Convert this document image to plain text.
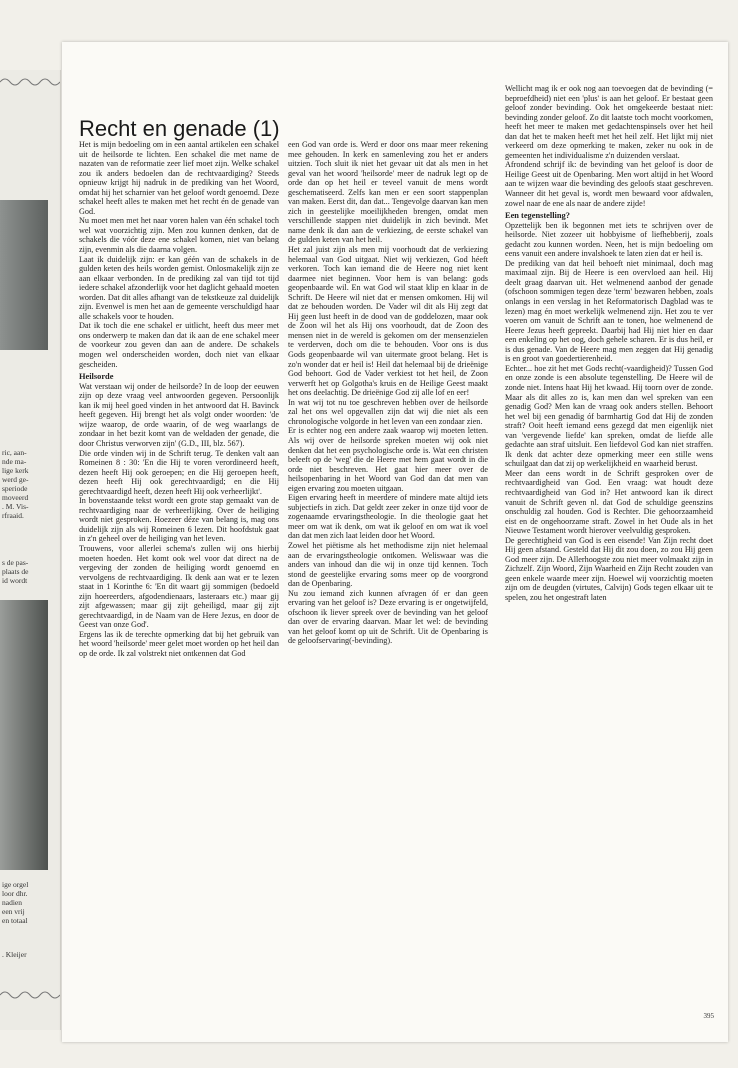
ric, aan-
nde ma-
lige kerk
werd ge-
speriode
moveerd
. M. Vis-
rfraaid.
s de pas-
plaats de
id wordt
ige orgel
loor dhr.
nadien
een vrij
en totaal
. Kleijer
Recht en genade (1)

Het is mijn bedoeling om in een aantal artikelen een schakel uit de heilsorde te lichten. Een schakel die met name de nazaten van de reformatie zeer lief moet zijn. Welke schakel zou ik anders bedoelen dan de rechtvaardiging? Steeds opnieuw krijgt hij nadruk in de prediking van het Woord, omdat hij het scharnier van het geloof wordt genoemd. Deze schakel heeft alles te maken met het recht én de genade van God.

Nu moet men met het naar voren halen van één schakel toch wel wat voorzichtig zijn. Men zou kunnen denken, dat de schakels die vóór deze ene schakel komen, niet van belang zijn, evenmin als die daarna volgen.

Laat ik duidelijk zijn: er kan géén van de schakels in de gulden keten des heils worden gemist. Onlosmakelijk zijn ze aan elkaar verbonden. In de prediking zal van tijd tot tijd iedere schakel afzonderlijk voor het daglicht gehaald moeten worden. Dat dit alles afhangt van de tekstkeuze zal duidelijk zijn. Evenwel is men het aan de gemeente verschuldigd haar alle schakels voor te houden.

Dat ik toch die ene schakel er uitlicht, heeft dus meer met ons onderwerp te maken dan dat ik aan de ene schakel meer de voorkeur zou geven dan aan de andere. De schakels mogen wel onderscheiden worden, doch niet van elkaar gescheiden.

Heilsorde

Wat verstaan wij onder de heilsorde? In de loop der eeuwen zijn op deze vraag veel antwoorden gegeven. Persoonlijk kan ik mij heel goed vinden in het antwoord dat H. Bavinck heeft gegeven. Hij brengt het als volgt onder woorden: 'de wijze waarop, de orde waarin, of de weg waarlangs de zondaar in het bezit komt van de weldaden der genade, die door Christus verworven zijn' (G.D., III, blz. 567).

Die orde vinden wij in de Schrift terug. Te denken valt aan Romeinen 8 : 30: 'En die Hij te voren verordineerd heeft, dezen heeft Hij ook geroepen; en die Hij geroepen heeft, dezen heeft Hij ook gerechtvaardigd; en die Hij gerechtvaardigd heeft, dezen heeft Hij ook verheerlijkt'.

In bovenstaande tekst wordt een grote stap gemaakt van de rechtvaardiging naar de verheerlijking. Over de heiliging wordt niet gesproken. Hoezeer déze van belang is, mag ons duidelijk zijn als wij Romeinen 6 lezen. Dit hoofdstuk gaat in z'n geheel over de heiliging van het leven.

Trouwens, voor allerlei schema's zullen wij ons hierbij moeten hoeden. Het komt ook wel voor dat direct na de vergeving der zonden de heiliging wordt genoemd en vervolgens de rechtvaardiging. Ik denk aan wat er te lezen staat in 1 Korinthe 6: 'En dit waart gij sommigen (bedoeld zijn hoereerders, afgodendienaars, lasteraars etc.) maar gij zijt afgewassen; maar gij zijt geheiligd, maar gij zijt gerechtvaardigd, in de Naam van de Here Jezus, en door de Geest van onze God'.

Ergens las ik de terechte opmerking dat bij het gebruik van het woord 'heilsorde' meer gelet moet worden op het heil dan op de orde. Ik zal volstrekt niet ontkennen dat God

een God van orde is. Werd er door ons maar meer rekening mee gehouden. In kerk en samenleving zou het er anders uitzien. Toch sluit ik niet het gevaar uit dat als men in het geval van het woord 'heilsorde' meer de nadruk legt op de orde dan op het heil er teveel vanuit de mens wordt geschematiseerd. Zelfs kan men er een soort stappenplan van maken. Eerst dit, dan dat... Tengevolge daarvan kan men zich in geestelijke moeilijkheden brengen, omdat men verschillende stappen niet duidelijk in zich bevindt. Met name denk ik dan aan de verkiezing, de eerste schakel van de gulden keten van het heil.

Het zal juist zijn als men mij voorhoudt dat de verkiezing helemaal van God uitgaat. Niet wij verkiezen, God héeft verkoren. Toch kan iemand die de Heere nog niet kent daarmee niet beginnen. Voor hem is van belang: gods geopenbaarde wil. En wat God wil staat klip en klaar in de Schrift. De Heere wil niet dat er mensen omkomen. Hij wil dat ze behouden worden. De Vader wil dit als Hij zegt dat Hij geen lust heeft in de dood van de goddelozen, maar ook de Zoon wil het als Hij ons voorhoudt, dat de Zoon des mensen niet in de wereld is gekomen om der mensenzielen te verderven, doch om die te behouden. Voor ons is dus Gods geopenbaarde wil van uitermate groot belang. Het is zo'n wonder dat er heil is! Heil dat helemaal bij de drieënige God behoort. God de Vader verkiest tot het heil, de Zoon verwerft het op Golgotha's kruis en de Heilige Geest maakt het ons deelachtig. De drieënige God zij alle lof en eer!

In wat wij tot nu toe geschreven hebben over de heilsorde zal het ons wel opgevallen zijn dat wij die niet als een chronologische volgorde in het leven van een zondaar zien.

Er is echter nog een andere zaak waarop wij moeten letten. Als wij over de heilsorde spreken moeten wij ook niet denken dat het een psychologische orde is. Wat een christen beleeft op de 'weg' die de Heere met hem gaat wordt in die orde niet beschreven. Het gaat hier meer over de heilsopenbaring in het Woord van God dan dat men van eigen ervaring zou moeten uitgaan.

Eigen ervaring heeft in meerdere of mindere mate altijd iets subjectiefs in zich. Dat geldt zeer zeker in onze tijd voor de zogenaamde ervaringstheologie. In die theologie gaat het meer om wat ik denk, om wat ik geloof en om wat ik voel dan dat men zich laat leiden door het Woord.

Zowel het piëtisme als het methodisme zijn niet helemaal aan de ervaringstheologie ontkomen. Weliswaar was die anders van inhoud dan die wij in onze tijd kennen. Toch stond de geestelijke ervaring soms meer op de voorgrond dan de Openbaring.

Nu zou iemand zich kunnen afvragen óf er dan geen ervaring van het geloof is? Deze ervaring is er ongetwijfeld, ofschoon ik liever spreek over de bevinding van het geloof dan over de ervaring daarvan. Maar let wel: de bevinding van het geloof komt op uit de Schrift. Uit de Openbaring is de geloofservaring(-bevinding).

Wellicht mag ik er ook nog aan toevoegen dat de bevinding (= beproefdheid) niet een 'plus' is aan het geloof. Er bestaat geen geloof zonder bevinding. Ook het omgekeerde bestaat niet: bevinding zonder geloof. Zo dit laatste toch mocht voorkomen, heeft het meer te maken met gedachtenspinsels over het heil dan dat het te maken heeft met het heil zelf. Het lijkt mij niet verkeerd om deze opmerking te maken, zeker nu ook in de gemeenten het individualisme z'n duizenden verslaat.

Afrondend schrijf ik: de bevinding van het geloof is door de Heilige Geest uit de Openbaring. Men wort altijd in het Woord aan te wijzen waar die bevinding des geloofs staat geschreven. Wanneer dit het geval is, wordt men bewaard voor afdwalen, zowel naar de ene als naar de andere zijde!

Een tegenstelling?

Opzettelijk ben ik begonnen met iets te schrijven over de heilsorde. Niet zozeer uit hobbyisme of liefhebberij, zoals gedacht zou kunnen worden. Neen, het is mijn bedoeling om eens vanuit een andere invalshoek te laten zien dat er heil is.

De prediking van dat heil behoeft niet minimaal, doch mag maximaal zijn. Bij de Heere is een overvloed aan heil. Hij deelt graag daarvan uit. Het welmenend aanbod der genade (ofschoon sommigen tegen deze 'term' bezwaren hebben, zoals onlangs in een verslag in het Reformatorisch Dagblad was te lezen) mag én moet werkelijk welmenend zijn. Het zou te ver voeren om vanuit de Schrift aan te tonen, hoe welmenend de Heere Jezus heeft gepreekt. Daarbij had Hij niet hier en daar een enkeling op het oog, doch gehele scharen. Er is dus heil, er is dus genade. Van de Heere mag men zeggen dat Hij genadig is en groot van goedertierenheid.

Echter... hoe zit het met Gods recht(-vaardigheid)? Tussen God en onze zonde is een absolute tegenstelling. De Heere wil de zonde niet. Intens haat Hij het kwaad. Hij toorn over de zonde. Maar als dit alles zo is, kan men dan wel spreken van een genadig God? Men kan de vraag ook anders stellen. Behoort het wel bij een genadig óf barmhartig God dat Hij de zonden straft? Ooit heeft iemand eens gezegd dat men eigenlijk niet van 'vergevende liefde' kan spreken, omdat de liefde alle gedachte aan straf uitsluit. Een liefdevol God kan niet straffen. Ik denk dat achter deze opmerking meer een stille wens schuilgaat dan dat zij op werkelijkheid en waarheid berust.

Meer dan eens wordt in de Schrift gesproken over de rechtvaardigheid van God. Een vraag: wat houdt deze rechtvaardigheid van God in? Het antwoord kan ik direct vanuit de Schrift geven nl. dat God de schuldige geenszins onschuldig zal houden. God is Rechter. Die gehoorzaamheid eist en de ongehoorzame straft. Zowel in het Oude als in het Nieuwe Testament wordt hierover veelvuldig gesproken.

De gerechtigheid van God is een eisende! Van Zijn recht doet Hij geen afstand. Gesteld dat Hij dit zou doen, zo zou Hij geen God meer zijn. De Allerhoogste zou niet meer volmaakt zijn in Zichzelf. Zijn Woord, Zijn Waarheid en Zijn Recht zouden van geen enkele waarde meer zijn. Hoewel wij voorzichtig moeten zijn om de deugden (virtutes, Calvijn) Gods tegen elkaar uit te spelen, zou het ongestraft laten

395
